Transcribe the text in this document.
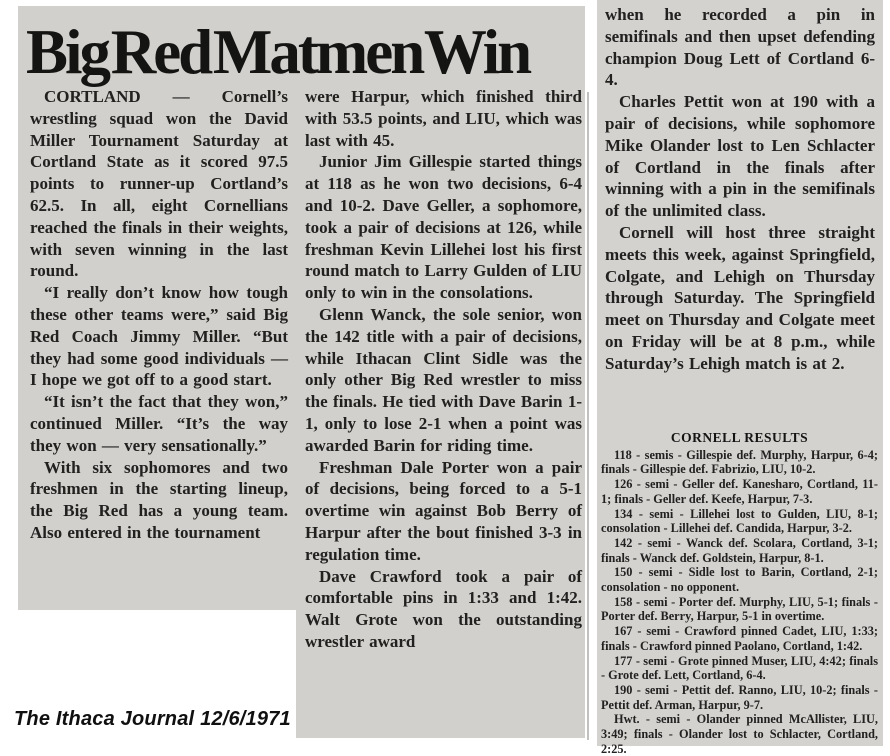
Big Red Matmen Win

CORTLAND — Cornell’s wrestling squad won the David Miller Tournament Saturday at Cortland State as it scored 97.5 points to runner-up Cortland’s 62.5. In all, eight Cornellians reached the finals in their weights, with seven winning in the last round.

“I really don’t know how tough these other teams were,” said Big Red Coach Jimmy Miller. “But they had some good individuals — I hope we got off to a good start.

“It isn’t the fact that they won,” continued Miller. “It’s the way they won — very sensationally.”

With six sophomores and two freshmen in the starting lineup, the Big Red has a young team. Also entered in the tournament

were Harpur, which finished third with 53.5 points, and LIU, which was last with 45.

Junior Jim Gillespie started things at 118 as he won two decisions, 6-4 and 10-2. Dave Geller, a sophomore, took a pair of decisions at 126, while freshman Kevin Lillehei lost his first round match to Larry Gulden of LIU only to win in the consolations.

Glenn Wanck, the sole senior, won the 142 title with a pair of decisions, while Ithacan Clint Sidle was the only other Big Red wrestler to miss the finals. He tied with Dave Barin 1-1, only to lose 2-1 when a point was awarded Barin for riding time.

Freshman Dale Porter won a pair of decisions, being forced to a 5-1 overtime win against Bob Berry of Harpur after the bout finished 3-3 in regulation time.

Dave Crawford took a pair of comfortable pins in 1:33 and 1:42. Walt Grote won the outstanding wrestler award

when he recorded a pin in semifinals and then upset defending champion Doug Lett of Cortland 6-4.

Charles Pettit won at 190 with a pair of decisions, while sophomore Mike Olander lost to Len Schlacter of Cortland in the finals after winning with a pin in the semifinals of the unlimited class.

Cornell will host three straight meets this week, against Springfield, Colgate, and Lehigh on Thursday through Saturday. The Springfield meet on Thursday and Colgate meet on Friday will be at 8 p.m., while Saturday’s Lehigh match is at 2.

CORNELL RESULTS

118 - semis - Gillespie def. Murphy, Harpur, 6-4; finals - Gillespie def. Fabrizio, LIU, 10-2.

126 - semi - Geller def. Kanesharo, Cortland, 11-1; finals - Geller def. Keefe, Harpur, 7-3.

134 - semi - Lillehei lost to Gulden, LIU, 8-1; consolation - Lillehei def. Candida, Harpur, 3-2.

142 - semi - Wanck def. Scolara, Cortland, 3-1; finals - Wanck def. Goldstein, Harpur, 8-1.

150 - semi - Sidle lost to Barin, Cortland, 2-1; consolation - no opponent.

158 - semi - Porter def. Murphy, LIU, 5-1; finals - Porter def. Berry, Harpur, 5-1 in overtime.

167 - semi - Crawford pinned Cadet, LIU, 1:33; finals - Crawford pinned Paolano, Cortland, 1:42.

177 - semi - Grote pinned Muser, LIU, 4:42; finals - Grote def. Lett, Cortland, 6-4.

190 - semi - Pettit def. Ranno, LIU, 10-2; finals - Pettit def. Arman, Harpur, 9-7.

Hwt. - semi - Olander pinned McAllister, LIU, 3:49; finals - Olander lost to Schlacter, Cortland, 2:25.

The Ithaca Journal 12/6/1971
